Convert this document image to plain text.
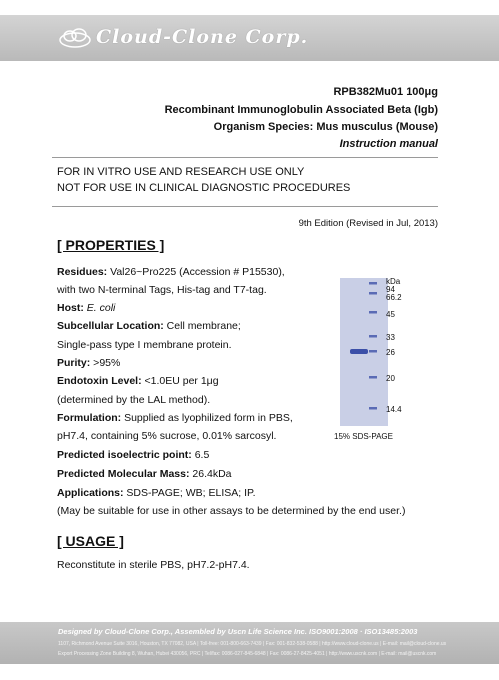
Cloud-Clone Corp.
RPB382Mu01 100μg
Recombinant Immunoglobulin Associated Beta (Igb)
Organism Species: Mus musculus (Mouse)
Instruction manual
FOR IN VITRO USE AND RESEARCH USE ONLY
NOT FOR USE IN CLINICAL DIAGNOSTIC PROCEDURES
9th Edition (Revised in Jul, 2013)
[ PROPERTIES ]
Residues: Val26~Pro225 (Accession # P15530),
with two N-terminal Tags, His-tag and T7-tag.
Host: E. coli
Subcellular Location: Cell membrane;
Single-pass type I membrane protein.
Purity: >95%
Endotoxin Level: <1.0EU per 1μg
(determined by the LAL method).
Formulation: Supplied as lyophilized form in PBS,
pH7.4, containing 5% sucrose, 0.01% sarcosyl.
Predicted isoelectric point: 6.5
Predicted Molecular Mass: 26.4kDa
Applications: SDS-PAGE; WB; ELISA; IP.
(May be suitable for use in other assays to be determined by the end user.)
kDa
94
66.2
45
33
26
20
14.4
15% SDS-PAGE
[ USAGE ]
Reconstitute in sterile PBS, pH7.2-pH7.4.
Designed by Cloud-Clone Corp., Assembled by Uscn Life Science Inc. ISO9001:2008 · ISO13485:2003
1107, Richmond Avenue Suite 3016, Houston, TX 77082, USA | Toll-free: 001-800-663-7439 | Fax: 001-832-538-0588 | http://www.cloud-clone.us | E-mail: mail@cloud-clone.us
Export Processing Zone Building 8, Wuhan, Hubei 430056, PRC | Tel/fax: 0086-027-845-6848 | Fax: 0086-27-8425-4051 | http://www.uscnk.com | E-mail: mail@uscnk.com
